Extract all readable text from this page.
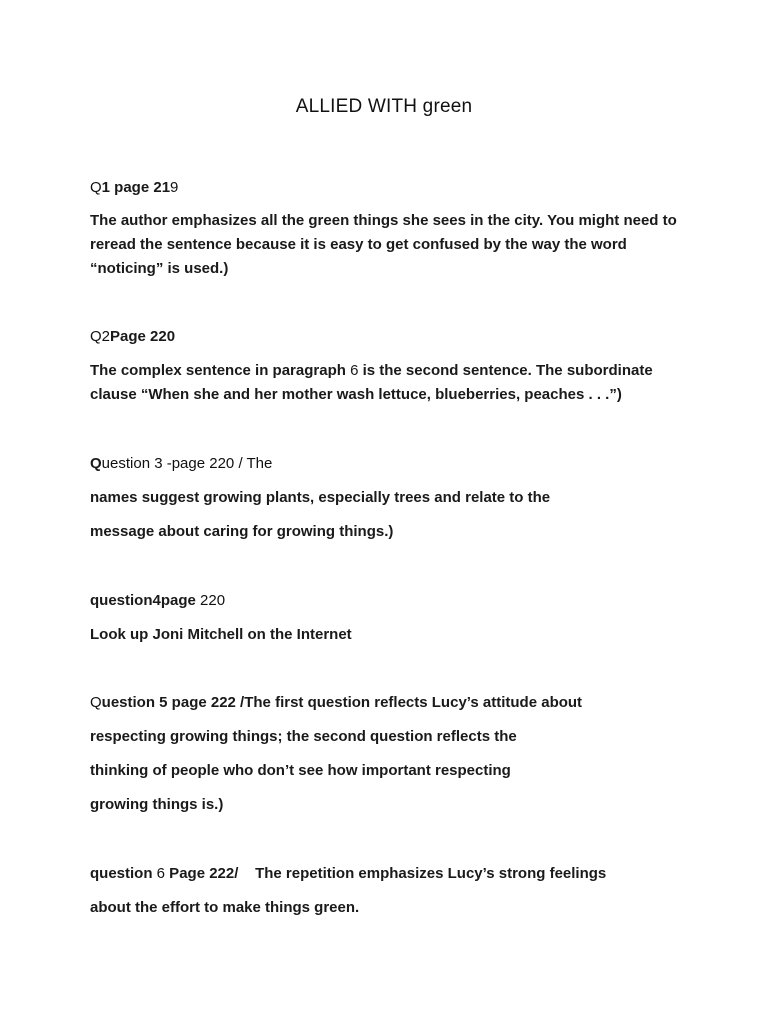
ALLIED WITH green

Q1 page 219

The author emphasizes all the green things she sees in the city. You might need to

reread the sentence because it is easy to get confused by the way the word

“noticing” is used.)

Q2Page 220

The complex sentence in paragraph 6 is the second sentence. The subordinate

clause “When she and her mother wash lettuce, blueberries, peaches . . .”)

Question 3 -page 220 / The

names suggest growing plants, especially trees and relate to the

message about caring for growing things.)

question4page 220

Look up Joni Mitchell on the Internet

Question 5 page 222 /The first question reflects Lucy’s attitude about

respecting growing things; the second question reflects the

thinking of people who don’t see how important respecting

growing things is.)

question 6 Page 222/    The repetition emphasizes Lucy’s strong feelings

about the effort to make things green.
